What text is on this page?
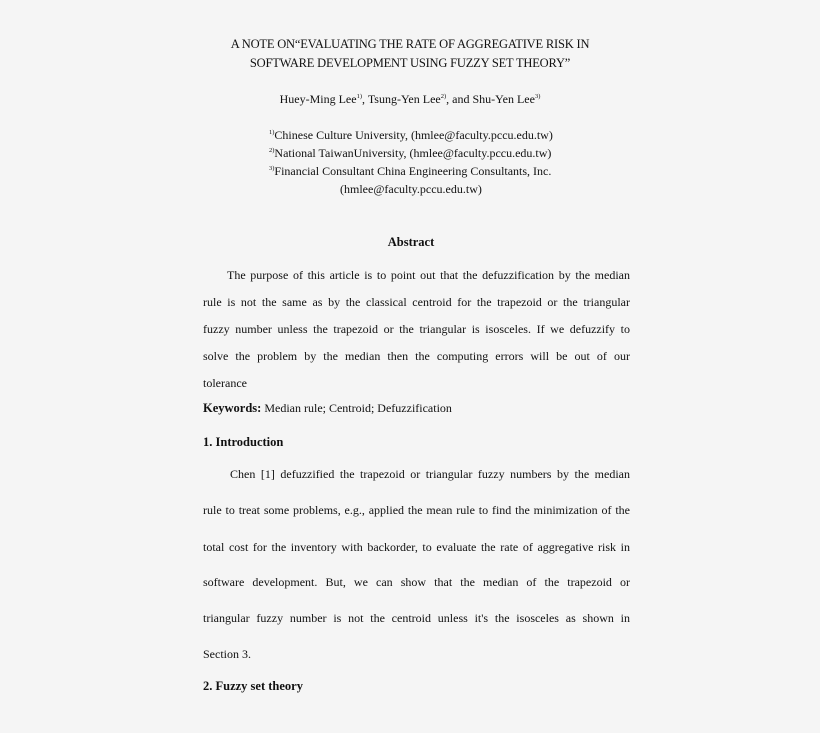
A NOTE ON“EVALUATING THE RATE OF AGGREGATIVE RISK IN
SOFTWARE DEVELOPMENT USING FUZZY SET THEORY”
Huey-Ming Lee$^{1)}$, Tsung-Yen Lee$^{2)}$, and Shu-Yen Lee$^{3)}$
$^{1)}$Chinese Culture University, (hmlee@faculty.pccu.edu.tw)
$^{2)}$National TaiwanUniversity, (hmlee@faculty.pccu.edu.tw)
$^{3)}$Financial Consultant China Engineering Consultants, Inc.
(hmlee@faculty.pccu.edu.tw)
Abstract
The purpose of this article is to point out that the defuzzification by the median
rule is not the same as by the classical centroid for the trapezoid or the triangular
fuzzy number unless the trapezoid or the triangular is isosceles. If we defuzzify to
solve the problem by the median then the computing errors will be out of our
tolerance
Keywords: Median rule; Centroid; Defuzzification
1. Introduction
Chen [1] defuzzified the trapezoid or triangular fuzzy numbers by the median
rule to treat some problems, e.g., applied the mean rule to find the minimization of the
total cost for the inventory with backorder, to evaluate the rate of aggregative risk in
software development. But, we can show that the median of the trapezoid or
triangular fuzzy number is not the centroid unless it's the isosceles as shown in
Section 3.
2. Fuzzy set theory
